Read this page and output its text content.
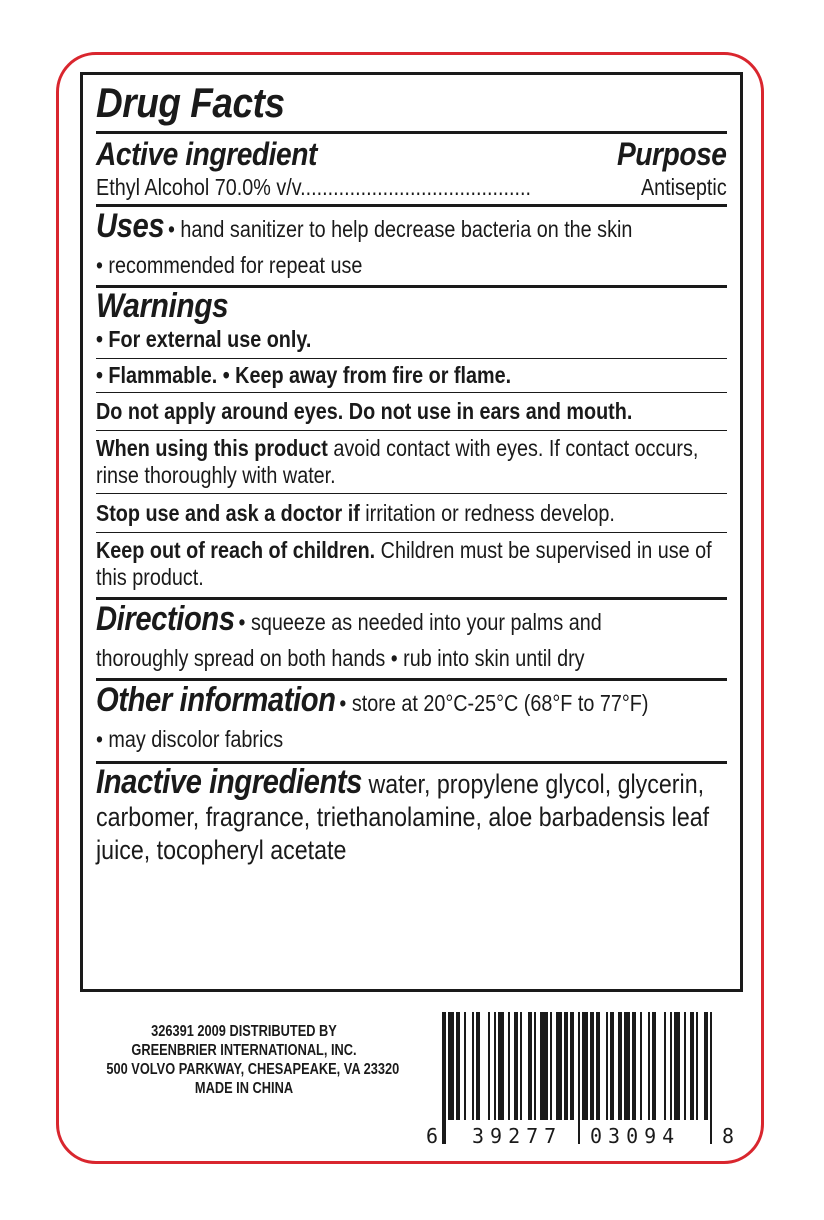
Drug Facts
Active ingredient	Purpose
Ethyl Alcohol 70.0% v/v..........................................	Antiseptic
Uses • hand sanitizer to help decrease bacteria on the skin
• recommended for repeat use
Warnings
• For external use only.
• Flammable. • Keep away from fire or flame.
Do not apply around eyes. Do not use in ears and mouth.
When using this product avoid contact with eyes. If contact occurs, rinse thoroughly with water.
Stop use and ask a doctor if irritation or redness develop.
Keep out of reach of children. Children must be supervised in use of this product.
Directions • squeeze as needed into your palms and
thoroughly spread on both hands • rub into skin until dry
Other information • store at 20°C-25°C (68°F to 77°F)
• may discolor fabrics
Inactive ingredients water, propylene glycol, glycerin, carbomer, fragrance, triethanolamine, aloe barbadensis leaf juice, tocopheryl acetate
326391 2009 DISTRIBUTED BY
GREENBRIER INTERNATIONAL, INC.
500 VOLVO PARKWAY, CHESAPEAKE, VA 23320
MADE IN CHINA
6 39277 03094 8
